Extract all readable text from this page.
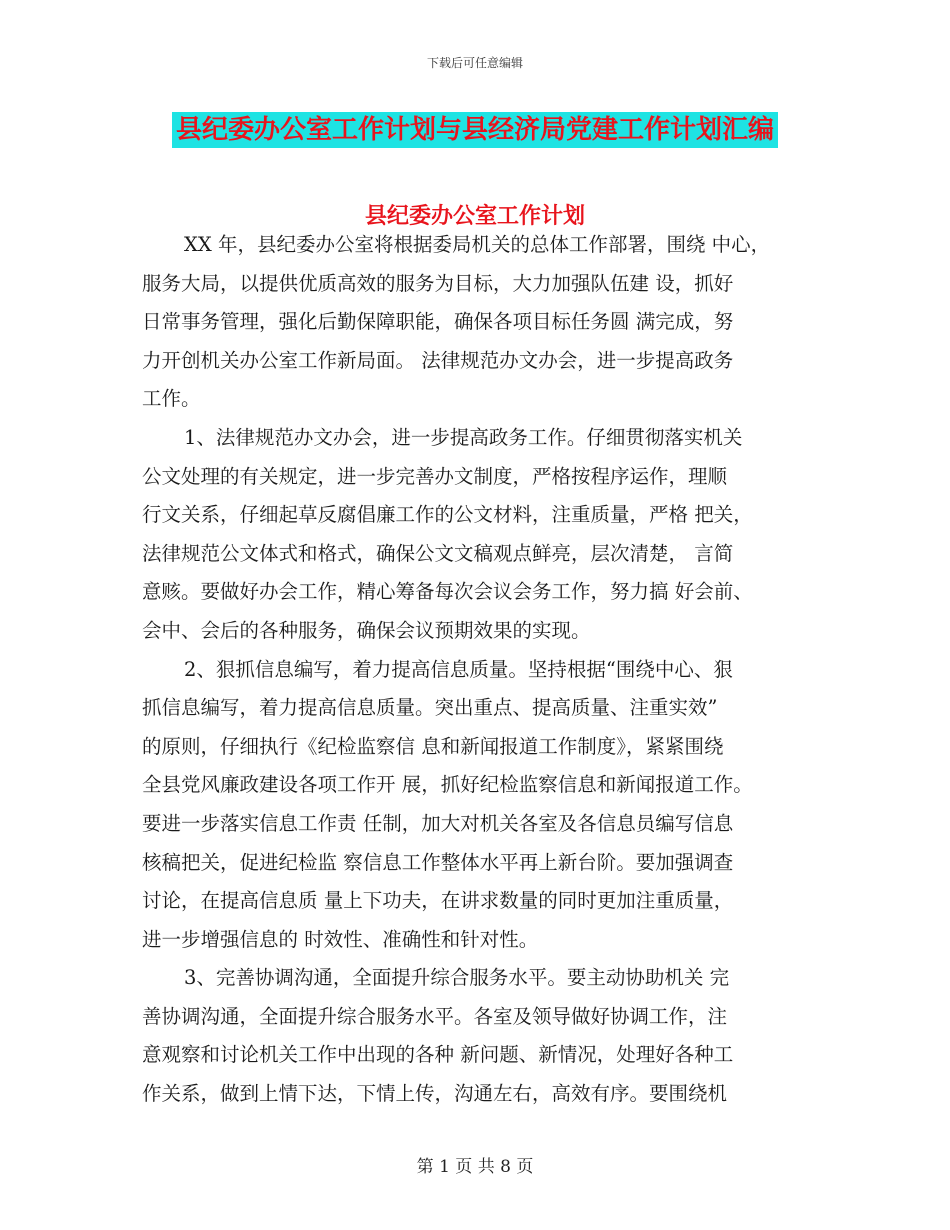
下载后可任意编辑
县纪委办公室工作计划与县经济局党建工作计划汇编
县纪委办公室工作计划
XX 年，县纪委办公室将根据委局机关的总体工作部署，围绕 中心，
服务大局，以提供优质高效的服务为目标，大力加强队伍建 设，抓好
日常事务管理，强化后勤保障职能，确保各项目标任务圆 满完成，努
力开创机关办公室工作新局面。 法律规范办文办会，进一步提高政务
工作。
1、法律规范办文办会，进一步提高政务工作。仔细贯彻落实机关
公文处理的有关规定，进一步完善办文制度，严格按程序运作，理顺
行文关系，仔细起草反腐倡廉工作的公文材料，注重质量，严格 把关，
法律规范公文体式和格式，确保公文文稿观点鲜亮，层次清楚， 言简
意赅。要做好办会工作，精心筹备每次会议会务工作，努力搞 好会前、
会中、会后的各种服务，确保会议预期效果的实现。
2、狠抓信息编写，着力提高信息质量。坚持根据“围绕中心、狠
抓信息编写，着力提高信息质量。突出重点、提高质量、注重实效”
的原则，仔细执行《纪检监察信 息和新闻报道工作制度》，紧紧围绕
全县党风廉政建设各项工作开 展，抓好纪检监察信息和新闻报道工作。
要进一步落实信息工作责 任制，加大对机关各室及各信息员编写信息
核稿把关，促进纪检监 察信息工作整体水平再上新台阶。要加强调查
讨论，在提高信息质 量上下功夫，在讲求数量的同时更加注重质量，
进一步增强信息的 时效性、准确性和针对性。
3、完善协调沟通，全面提升综合服务水平。要主动协助机关 完
善协调沟通，全面提升综合服务水平。各室及领导做好协调工作，注
意观察和讨论机关工作中出现的各种 新问题、新情况，处理好各种工
作关系，做到上情下达，下情上传，沟通左右，高效有序。要围绕机
第 1 页 共 8 页
